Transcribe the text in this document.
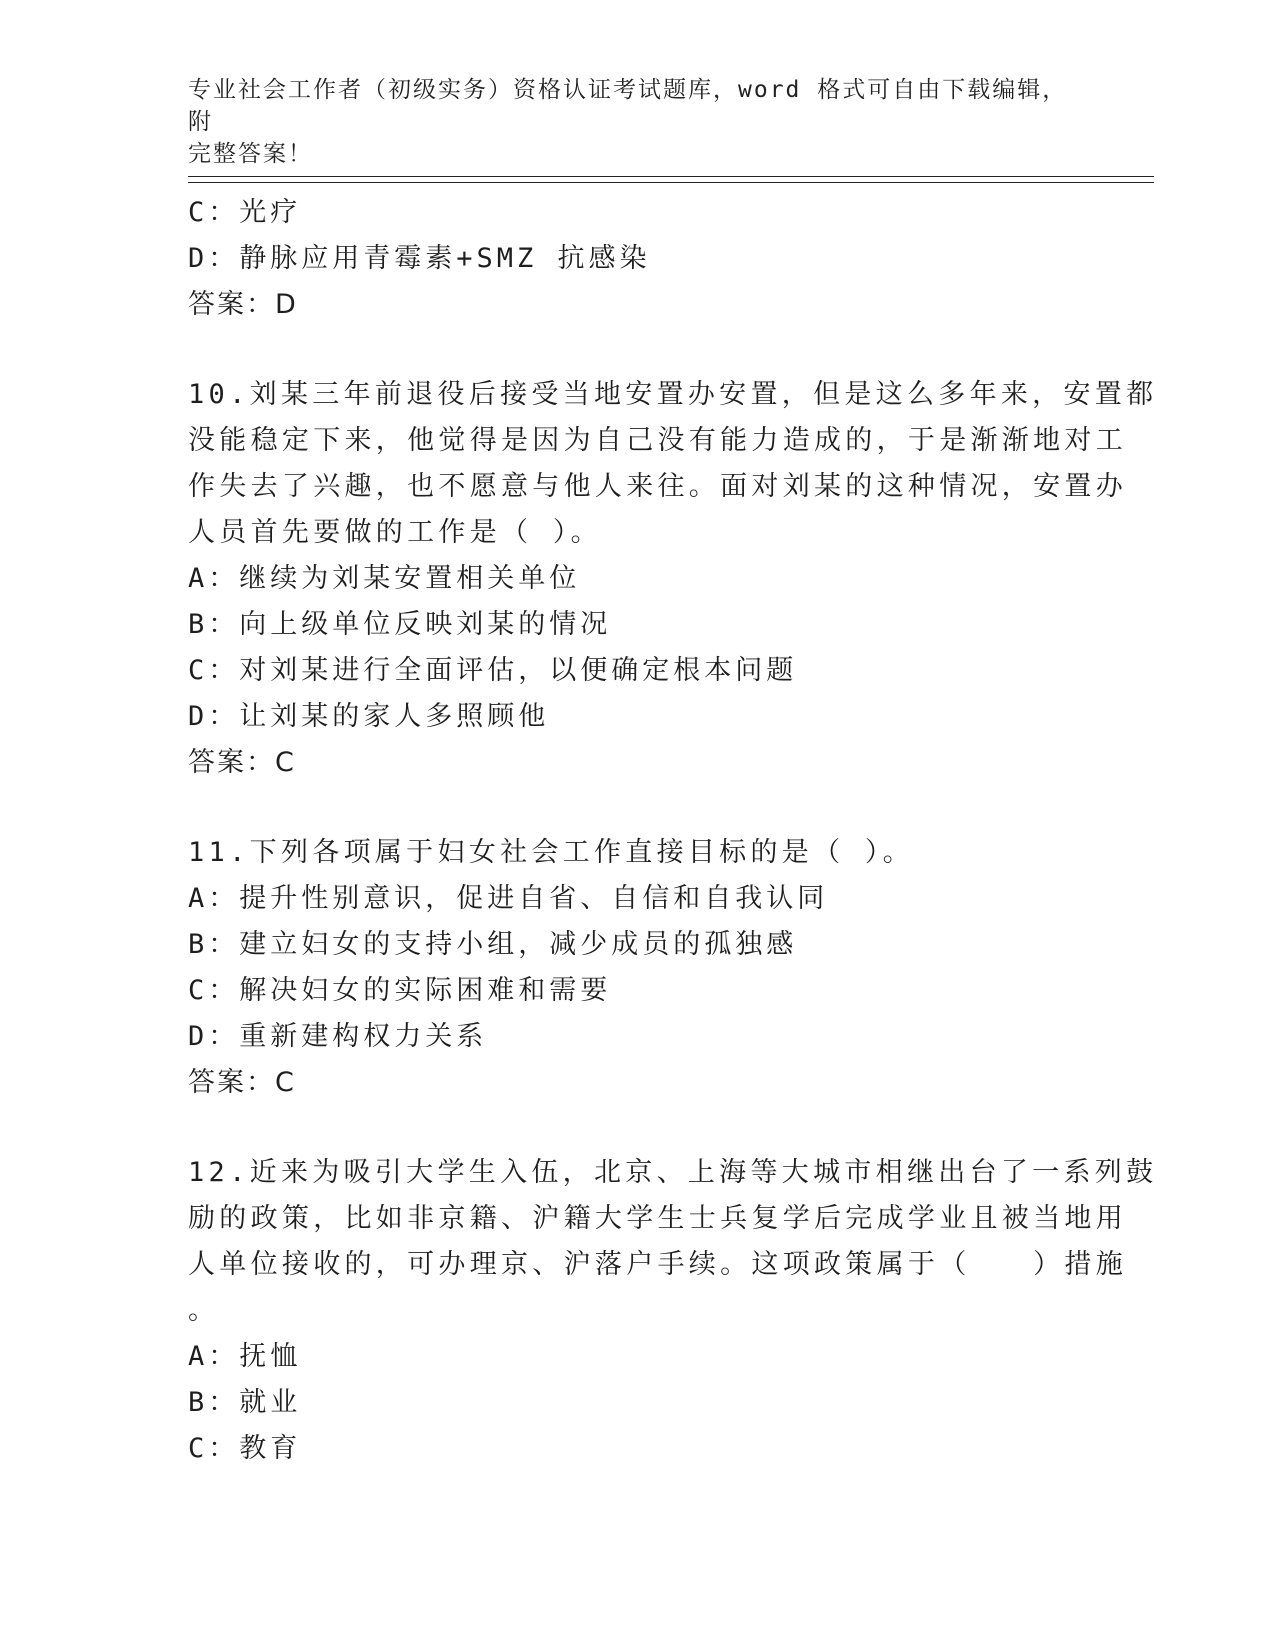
专业社会工作者（初级实务）资格认证考试题库，word 格式可自由下载编辑，附
完整答案！
C：光疗
D：静脉应用青霉素+SMZ 抗感染
答案：D
10.刘某三年前退役后接受当地安置办安置，但是这么多年来，安置都
没能稳定下来，他觉得是因为自己没有能力造成的，于是渐渐地对工
作失去了兴趣，也不愿意与他人来往。面对刘某的这种情况，安置办
人员首先要做的工作是（ ）。
A：继续为刘某安置相关单位
B：向上级单位反映刘某的情况
C：对刘某进行全面评估，以便确定根本问题
D：让刘某的家人多照顾他
答案：C
11.下列各项属于妇女社会工作直接目标的是（ ）。
A：提升性别意识，促进自省、自信和自我认同
B：建立妇女的支持小组，减少成员的孤独感
C：解决妇女的实际困难和需要
D：重新建构权力关系
答案：C
12.近来为吸引大学生入伍，北京、上海等大城市相继出台了一系列鼓
励的政策，比如非京籍、沪籍大学生士兵复学后完成学业且被当地用
人单位接收的，可办理京、沪落户手续。这项政策属于（　　）措施
。
A：抚恤
B：就业
C：教育
